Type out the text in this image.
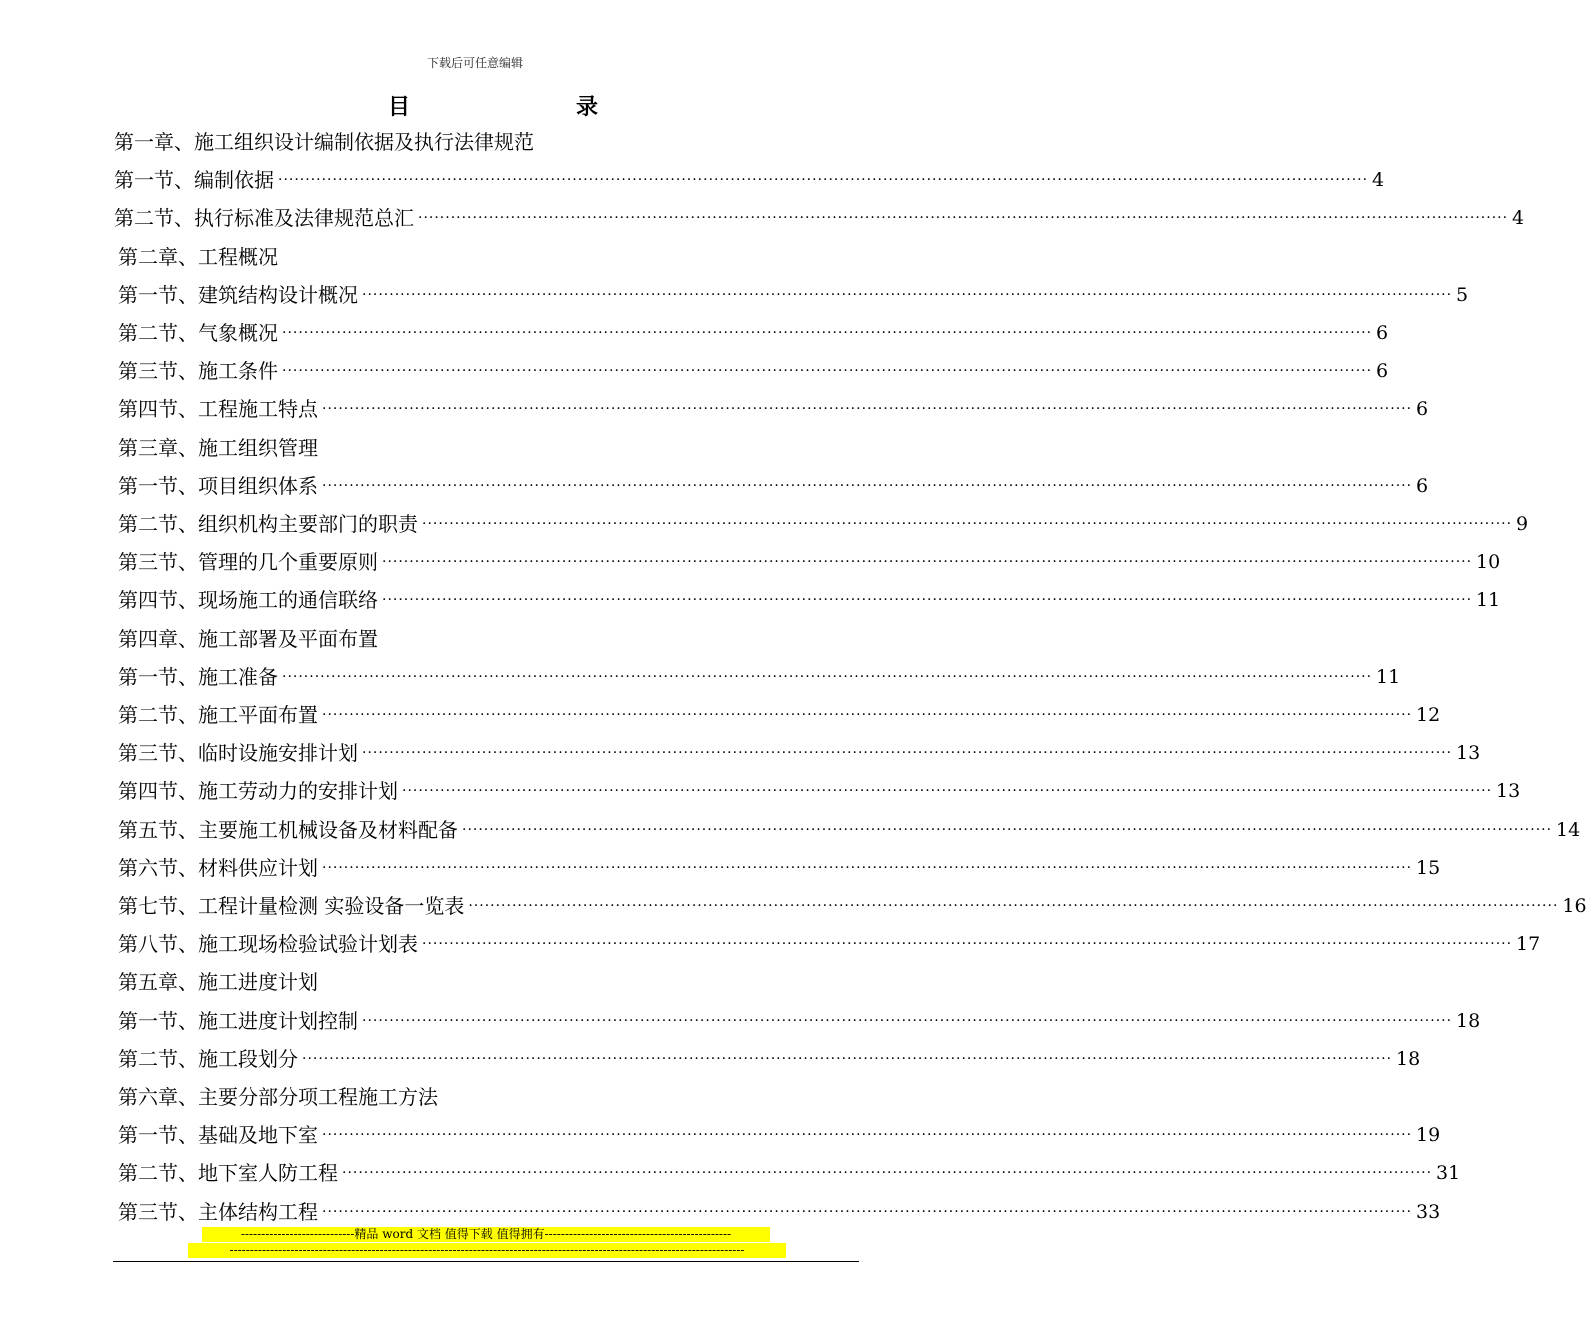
下载后可任意编辑
目	录
第一章、施工组织设计编制依据及执行法律规范
第一节、编制依据 ········································································································································································································ 4
第二节、执行标准及法律规范总汇 ········································································································································································································ 4
第二章、工程概况
第一节、建筑结构设计概况 ········································································································································································································ 5
第二节、气象概况 ········································································································································································································ 6
第三节、施工条件 ········································································································································································································ 6
第四节、工程施工特点 ········································································································································································································ 6
第三章、施工组织管理
第一节、项目组织体系 ········································································································································································································ 6
第二节、组织机构主要部门的职责 ········································································································································································································ 9
第三节、管理的几个重要原则 ········································································································································································································ 10
第四节、现场施工的通信联络 ········································································································································································································ 11
第四章、施工部署及平面布置
第一节、施工准备 ········································································································································································································ 11
第二节、施工平面布置 ········································································································································································································ 12
第三节、临时设施安排计划 ········································································································································································································ 13
第四节、施工劳动力的安排计划 ········································································································································································································ 13
第五节、主要施工机械设备及材料配备 ········································································································································································································ 14
第六节、材料供应计划 ········································································································································································································ 15
第七节、工程计量检测 实验设备一览表 ········································································································································································································ 16
第八节、施工现场检验试验计划表 ········································································································································································································ 17
第五章、施工进度计划
第一节、施工进度计划控制 ········································································································································································································ 18
第二节、施工段划分 ········································································································································································································ 18
第六章、主要分部分项工程施工方法
第一节、基础及地下室 ········································································································································································································ 19
第二节、地下室人防工程 ········································································································································································································ 31
第三节、主体结构工程 ········································································································································································································ 33
----------------------------精品 word 文档 值得下载 值得拥有----------------------------------------------
-------------------------------------------------------------------------------------------------------------------------------
